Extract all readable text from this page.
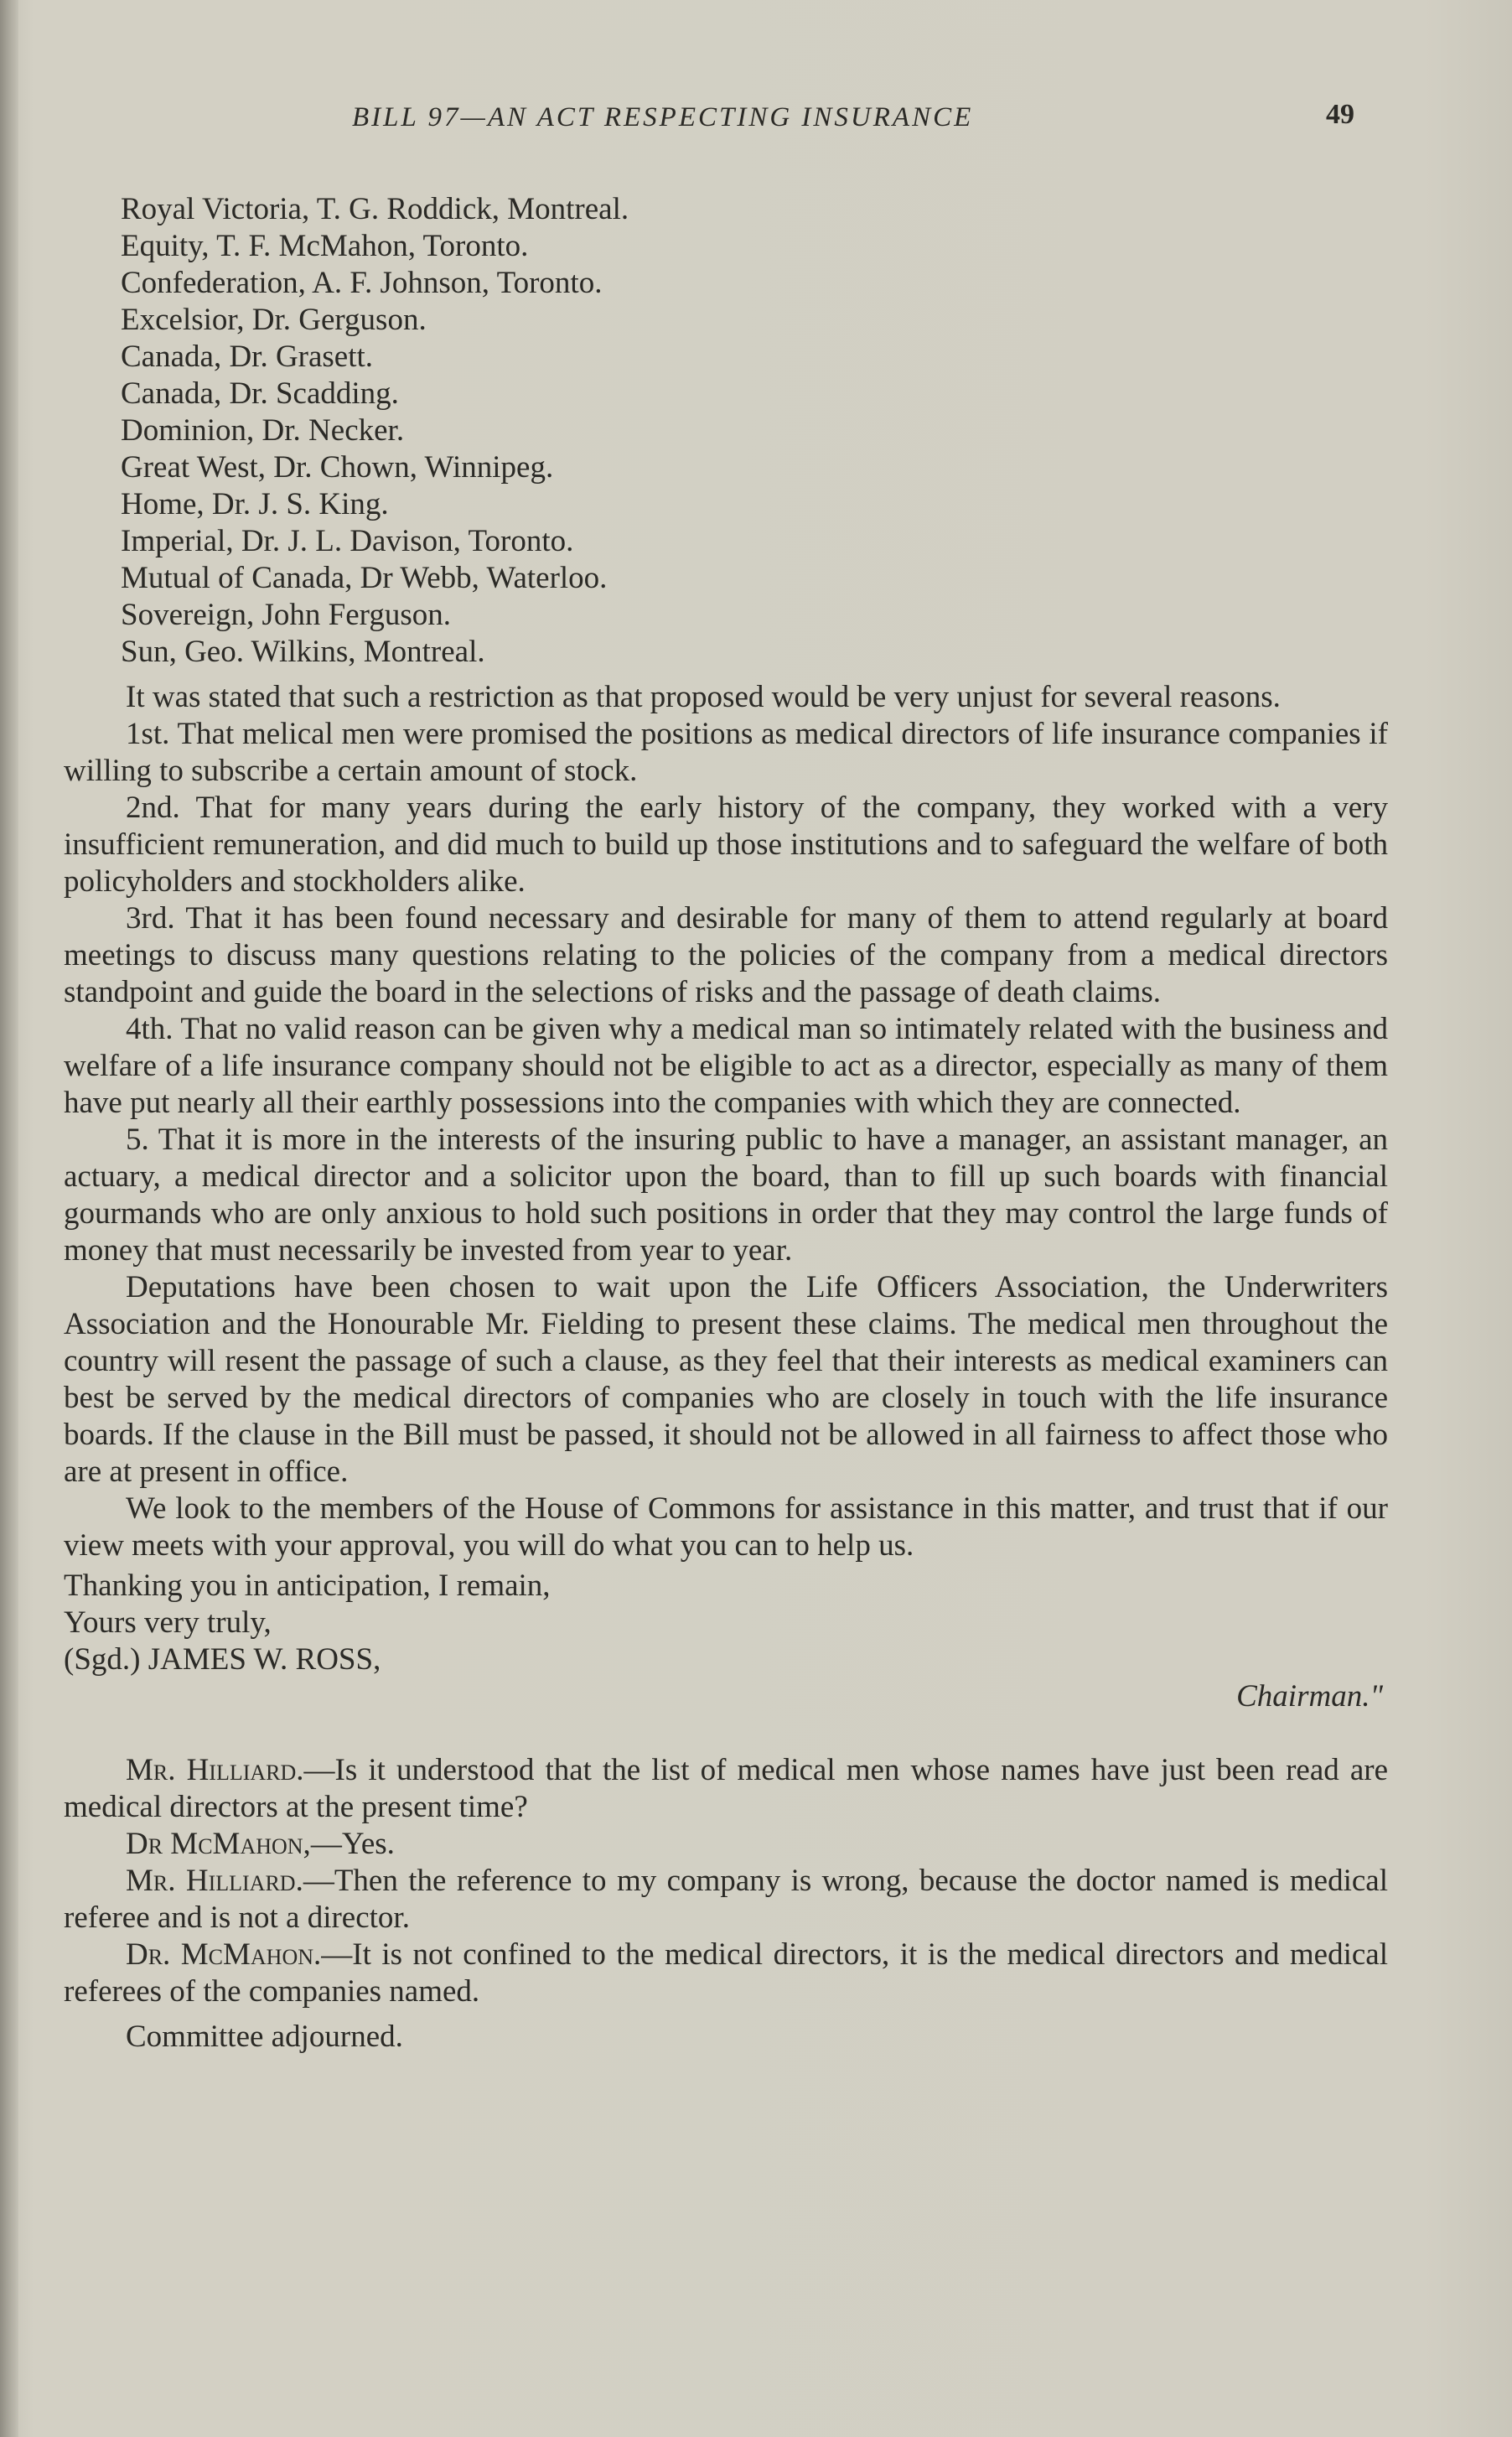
BILL 97—AN ACT RESPECTING INSURANCE	49
Royal Victoria, T. G. Roddick, Montreal.
Equity, T. F. McMahon, Toronto.
Confederation, A. F. Johnson, Toronto.
Excelsior, Dr. Gerguson.
Canada, Dr. Grasett.
Canada, Dr. Scadding.
Dominion, Dr. Necker.
Great West, Dr. Chown, Winnipeg.
Home, Dr. J. S. King.
Imperial, Dr. J. L. Davison, Toronto.
Mutual of Canada, Dr Webb, Waterloo.
Sovereign, John Ferguson.
Sun, Geo. Wilkins, Montreal.

It was stated that such a restriction as that proposed would be very unjust for several reasons.

1st. That melical men were promised the positions as medical directors of life insurance companies if willing to subscribe a certain amount of stock.

2nd. That for many years during the early history of the company, they worked with a very insufficient remuneration, and did much to build up those institutions and to safeguard the welfare of both policyholders and stockholders alike.

3rd. That it has been found necessary and desirable for many of them to attend regularly at board meetings to discuss many questions relating to the policies of the company from a medical directors standpoint and guide the board in the selections of risks and the passage of death claims.

4th. That no valid reason can be given why a medical man so intimately related with the business and welfare of a life insurance company should not be eligible to act as a director, especially as many of them have put nearly all their earthly possessions into the companies with which they are connected.

5. That it is more in the interests of the insuring public to have a manager, an assistant manager, an actuary, a medical director and a solicitor upon the board, than to fill up such boards with financial gourmands who are only anxious to hold such positions in order that they may control the large funds of money that must necessarily be invested from year to year.

Deputations have been chosen to wait upon the Life Officers Association, the Underwriters Association and the Honourable Mr. Fielding to present these claims. The medical men throughout the country will resent the passage of such a clause, as they feel that their interests as medical examiners can best be served by the medical directors of companies who are closely in touch with the life insurance boards. If the clause in the Bill must be passed, it should not be allowed in all fairness to affect those who are at present in office.

We look to the members of the House of Commons for assistance in this matter, and trust that if our view meets with your approval, you will do what you can to help us.

Thanking you in anticipation, I remain,

Yours very truly,

(Sgd.) JAMES W. ROSS,

Chairman."

Mr. Hilliard.—Is it understood that the list of medical men whose names have just been read are medical directors at the present time?

Dr McMahon,—Yes.

Mr. Hilliard.—Then the reference to my company is wrong, because the doctor named is medical referee and is not a director.

Dr. McMahon.—It is not confined to the medical directors, it is the medical directors and medical referees of the companies named.

Committee adjourned.
